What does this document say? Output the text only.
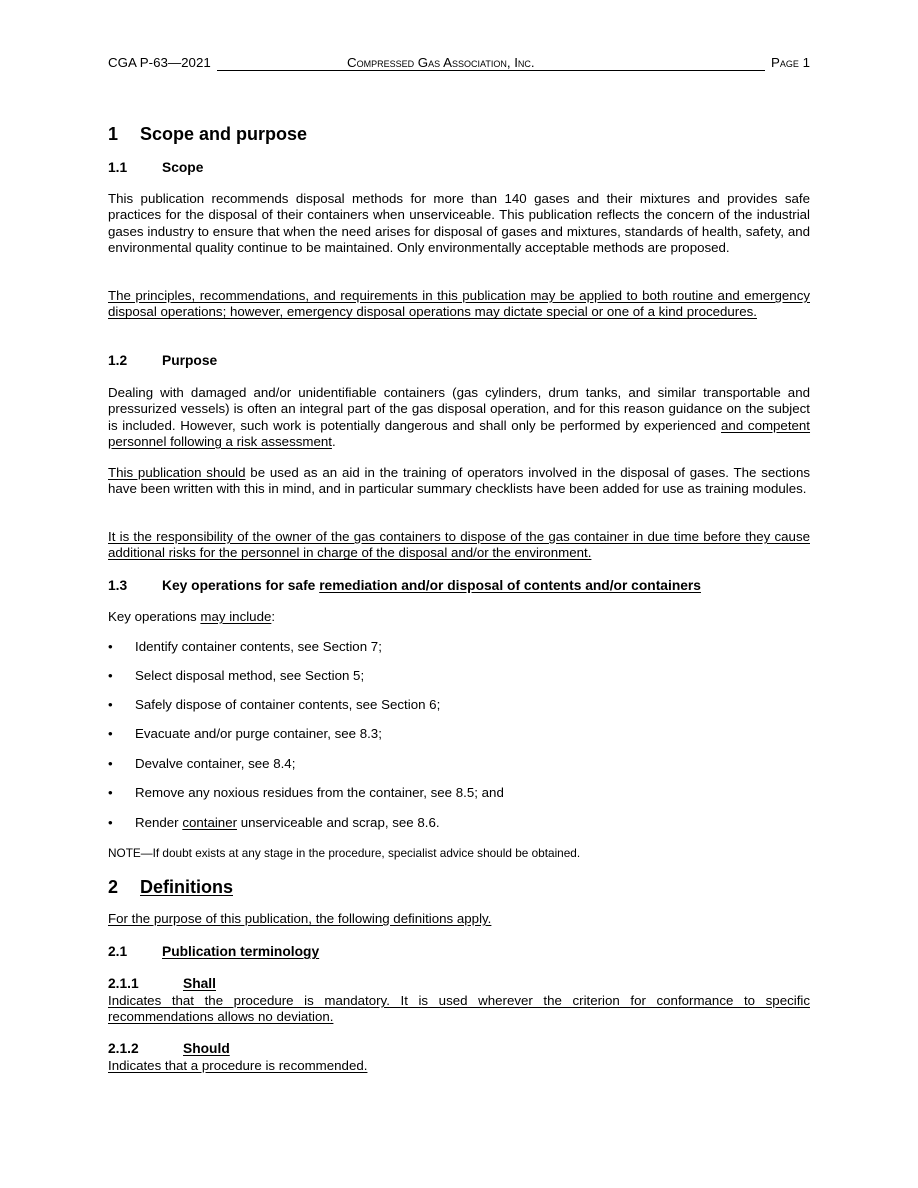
CGA P-63—2021	Compressed Gas Association, Inc.	Page 1

1 Scope and purpose

1.1	Scope

This publication recommends disposal methods for more than 140 gases and their mixtures and provides safe practices for the disposal of their containers when unserviceable. This publication reflects the concern of the industrial gases industry to ensure that when the need arises for disposal of gases and mixtures, standards of health, safety, and environmental quality continue to be maintained. Only environmentally acceptable methods are proposed.

The principles, recommendations, and requirements in this publication may be applied to both routine and emergency disposal operations; however, emergency disposal operations may dictate special or one of a kind procedures.

1.2	Purpose

Dealing with damaged and/or unidentifiable containers (gas cylinders, drum tanks, and similar transportable and pressurized vessels) is often an integral part of the gas disposal operation, and for this reason guidance on the subject is included. However, such work is potentially dangerous and shall only be performed by experienced and competent personnel following a risk assessment.

This publication should be used as an aid in the training of operators involved in the disposal of gases. The sections have been written with this in mind, and in particular summary checklists have been added for use as training modules.

It is the responsibility of the owner of the gas containers to dispose of the gas container in due time before they cause additional risks for the personnel in charge of the disposal and/or the environment.

1.3	Key operations for safe remediation and/or disposal of contents and/or containers

Key operations may include:

• Identify container contents, see Section 7;

• Select disposal method, see Section 5;

• Safely dispose of container contents, see Section 6;

• Evacuate and/or purge container, see 8.3;

• Devalve container, see 8.4;

• Remove any noxious residues from the container, see 8.5; and

• Render container unserviceable and scrap, see 8.6.

NOTE—If doubt exists at any stage in the procedure, specialist advice should be obtained.

2 Definitions

For the purpose of this publication, the following definitions apply.

2.1	Publication terminology

2.1.1	Shall

Indicates that the procedure is mandatory. It is used wherever the criterion for conformance to specific recommendations allows no deviation.

2.1.2	Should

Indicates that a procedure is recommended.
